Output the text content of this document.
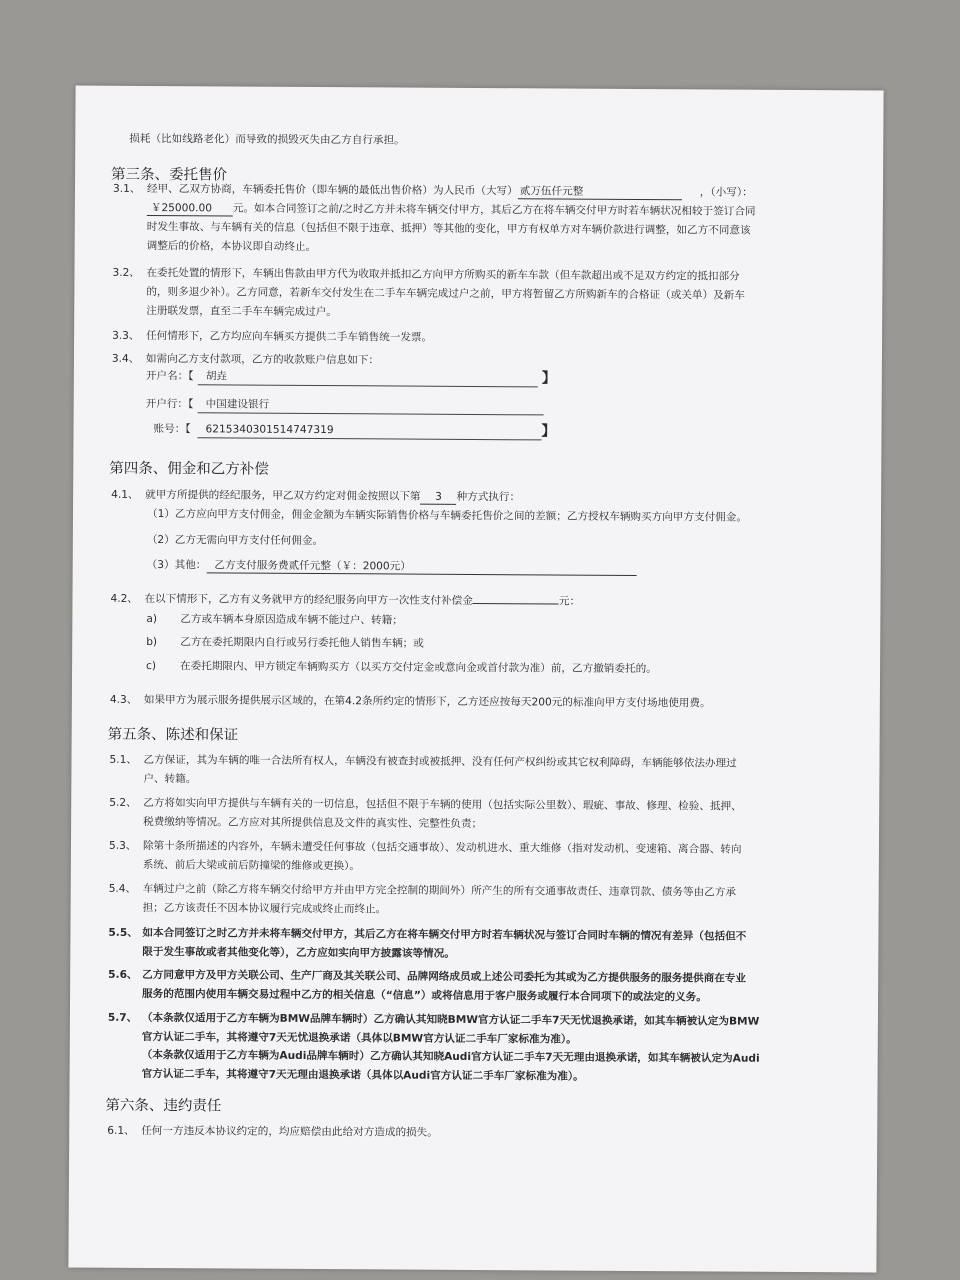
损耗（比如线路老化）而导致的损毁灭失由乙方自行承担。
第三条、委托售价
3.1、 经甲、乙双方协商，车辆委托售价（即车辆的最低出售价格）为人民币（大写） 贰万伍仟元整	，（小写）：
￥25000.00 元。如本合同签订之前/之时乙方并未将车辆交付甲方，其后乙方在将车辆交付甲方时若车辆状况相较于签订合同
时发生事故、与车辆有关的信息（包括但不限于违章、抵押）等其他的变化，甲方有权单方对车辆价款进行调整，如乙方不同意该
调整后的价格，本协议即自动终止。
3.2、 在委托处置的情形下，车辆出售款由甲方代为收取并抵扣乙方向甲方所购买的新车车款（但车款超出或不足双方约定的抵扣部分
的，则多退少补）。乙方同意，若新车交付发生在二手车车辆完成过户之前，甲方将暂留乙方所购新车的合格证（或关单）及新车
注册联发票，直至二手车车辆完成过户。
3.3、 任何情形下，乙方均应向车辆买方提供二手车销售统一发票。
3.4、 如需向乙方支付款项，乙方的收款账户信息如下：
开户名：【 胡垚	】
开户行：【 中国建设银行
账号：【 6215340301514747319	】
第四条、佣金和乙方补偿
4.1、 就甲方所提供的经纪服务，甲乙双方约定对佣金按照以下第 3 种方式执行：
（1）乙方应向甲方支付佣金，佣金金额为车辆实际销售价格与车辆委托售价之间的差额；乙方授权车辆购买方向甲方支付佣金。
（2）乙方无需向甲方支付任何佣金。
（3）其他： 乙方支付服务费贰仟元整（￥：2000元）
4.2、 在以下情形下，乙方有义务就甲方的经纪服务向甲方一次性支付补偿金	元：
a) 乙方或车辆本身原因造成车辆不能过户、转籍；
b) 乙方在委托期限内自行或另行委托他人销售车辆；或
c) 在委托期限内、甲方锁定车辆购买方（以买方交付定金或意向金或首付款为准）前，乙方撤销委托的。
4.3、 如果甲方为展示服务提供展示区域的，在第4.2条所约定的情形下，乙方还应按每天200元的标准向甲方支付场地使用费。
第五条、陈述和保证
5.1、 乙方保证，其为车辆的唯一合法所有权人，车辆没有被查封或被抵押、没有任何产权纠纷或其它权利障碍，车辆能够依法办理过
户、转籍。
5.2、 乙方将如实向甲方提供与车辆有关的一切信息，包括但不限于车辆的使用（包括实际公里数）、瑕疵、事故、修理、检验、抵押、
税费缴纳等情况。乙方应对其所提供信息及文件的真实性、完整性负责；
5.3、 除第十条所描述的内容外，车辆未遭受任何事故（包括交通事故）、发动机进水、重大维修（指对发动机、变速箱、离合器、转向
系统、前后大梁或前后防撞梁的维修或更换）。
5.4、 车辆过户之前（除乙方将车辆交付给甲方并由甲方完全控制的期间外）所产生的所有交通事故责任、违章罚款、债务等由乙方承
担；乙方该责任不因本协议履行完成或终止而终止。
5.5、 如本合同签订之时乙方并未将车辆交付甲方，其后乙方在将车辆交付甲方时若车辆状况与签订合同时车辆的情况有差异（包括但不
限于发生事故或者其他变化等），乙方应如实向甲方披露该等情况。
5.6、 乙方同意甲方及甲方关联公司、生产厂商及其关联公司、品牌网络成员或上述公司委托为其或为乙方提供服务的服务提供商在专业
服务的范围内使用车辆交易过程中乙方的相关信息（“信息”）或将信息用于客户服务或履行本合同项下的或法定的义务。
5.7、 （本条款仅适用于乙方车辆为BMW品牌车辆时）乙方确认其知晓BMW官方认证二手车7天无忧退换承诺，如其车辆被认定为BMW
官方认证二手车，其将遵守7天无忧退换承诺（具体以BMW官方认证二手车厂家标准为准）。
（本条款仅适用于乙方车辆为Audi品牌车辆时）乙方确认其知晓Audi官方认证二手车7天无理由退换承诺，如其车辆被认定为Audi
官方认证二手车，其将遵守7天无理由退换承诺（具体以Audi官方认证二手车厂家标准为准）。
第六条、违约责任
6.1、 任何一方违反本协议约定的，均应赔偿由此给对方造成的损失。
